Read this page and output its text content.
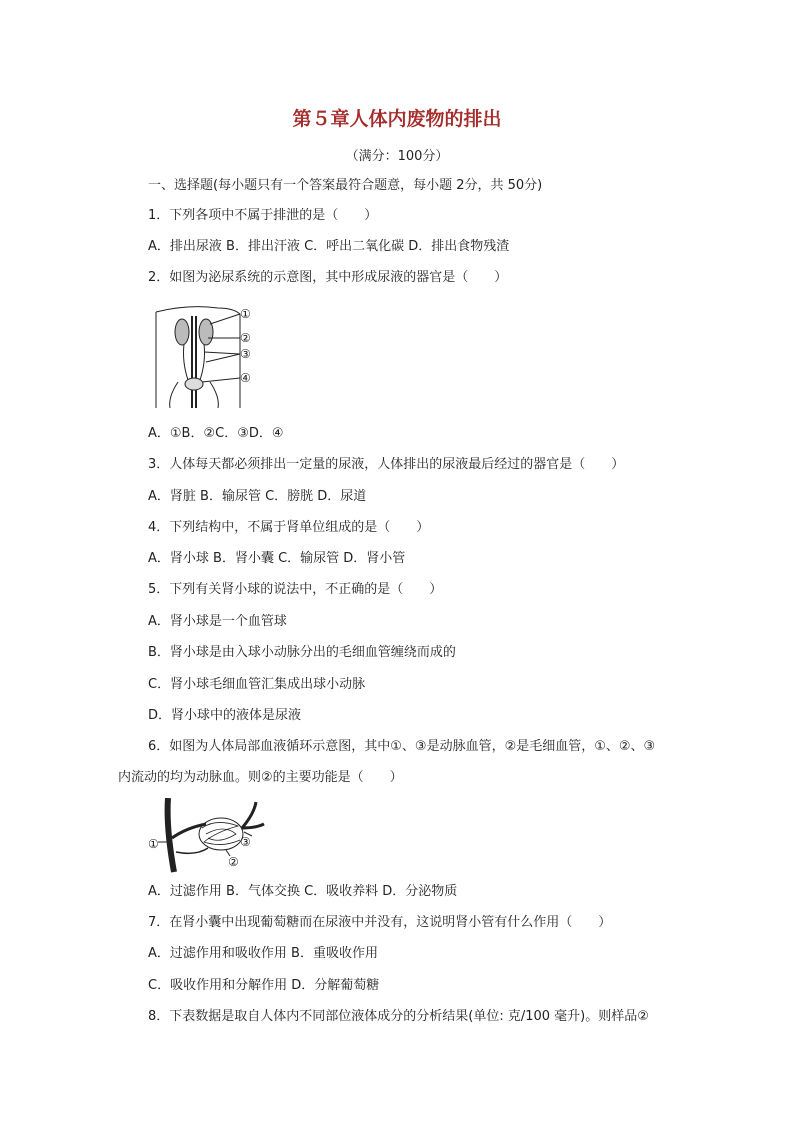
第５章人体内废物的排出
（满分：100分）
一、选择题(每小题只有一个答案最符合题意，每小题 2分，共 50分)
1．下列各项中不属于排泄的是（　　）
A．排出尿液 B．排出汗液 C．呼出二氧化碳 D．排出食物残渣
2．如图为泌尿系统的示意图，其中形成尿液的器官是（　　）
①
②
③
④
A．①B．②C．③D．④
3．人体每天都必须排出一定量的尿液，人体排出的尿液最后经过的器官是（　　）
A．肾脏 B．输尿管 C．膀胱 D．尿道
4．下列结构中，不属于肾单位组成的是（　　）
A．肾小球 B．肾小囊 C．输尿管 D．肾小管
5．下列有关肾小球的说法中，不正确的是（　　）
A．肾小球是一个血管球
B．肾小球是由入球小动脉分出的毛细血管缠绕而成的
C．肾小球毛细血管汇集成出球小动脉
D．肾小球中的液体是尿液
6．如图为人体局部血液循环示意图，其中①、③是动脉血管，②是毛细血管，①、②、③
内流动的均为动脉血。则②的主要功能是（　　）
①
②
③
A．过滤作用 B．气体交换 C．吸收养料 D．分泌物质
7．在肾小囊中出现葡萄糖而在尿液中并没有，这说明肾小管有什么作用（　　）
A．过滤作用和吸收作用 B．重吸收作用
C．吸收作用和分解作用 D．分解葡萄糖
8．下表数据是取自人体内不同部位液体成分的分析结果(单位: 克/100 毫升)。则样品②
